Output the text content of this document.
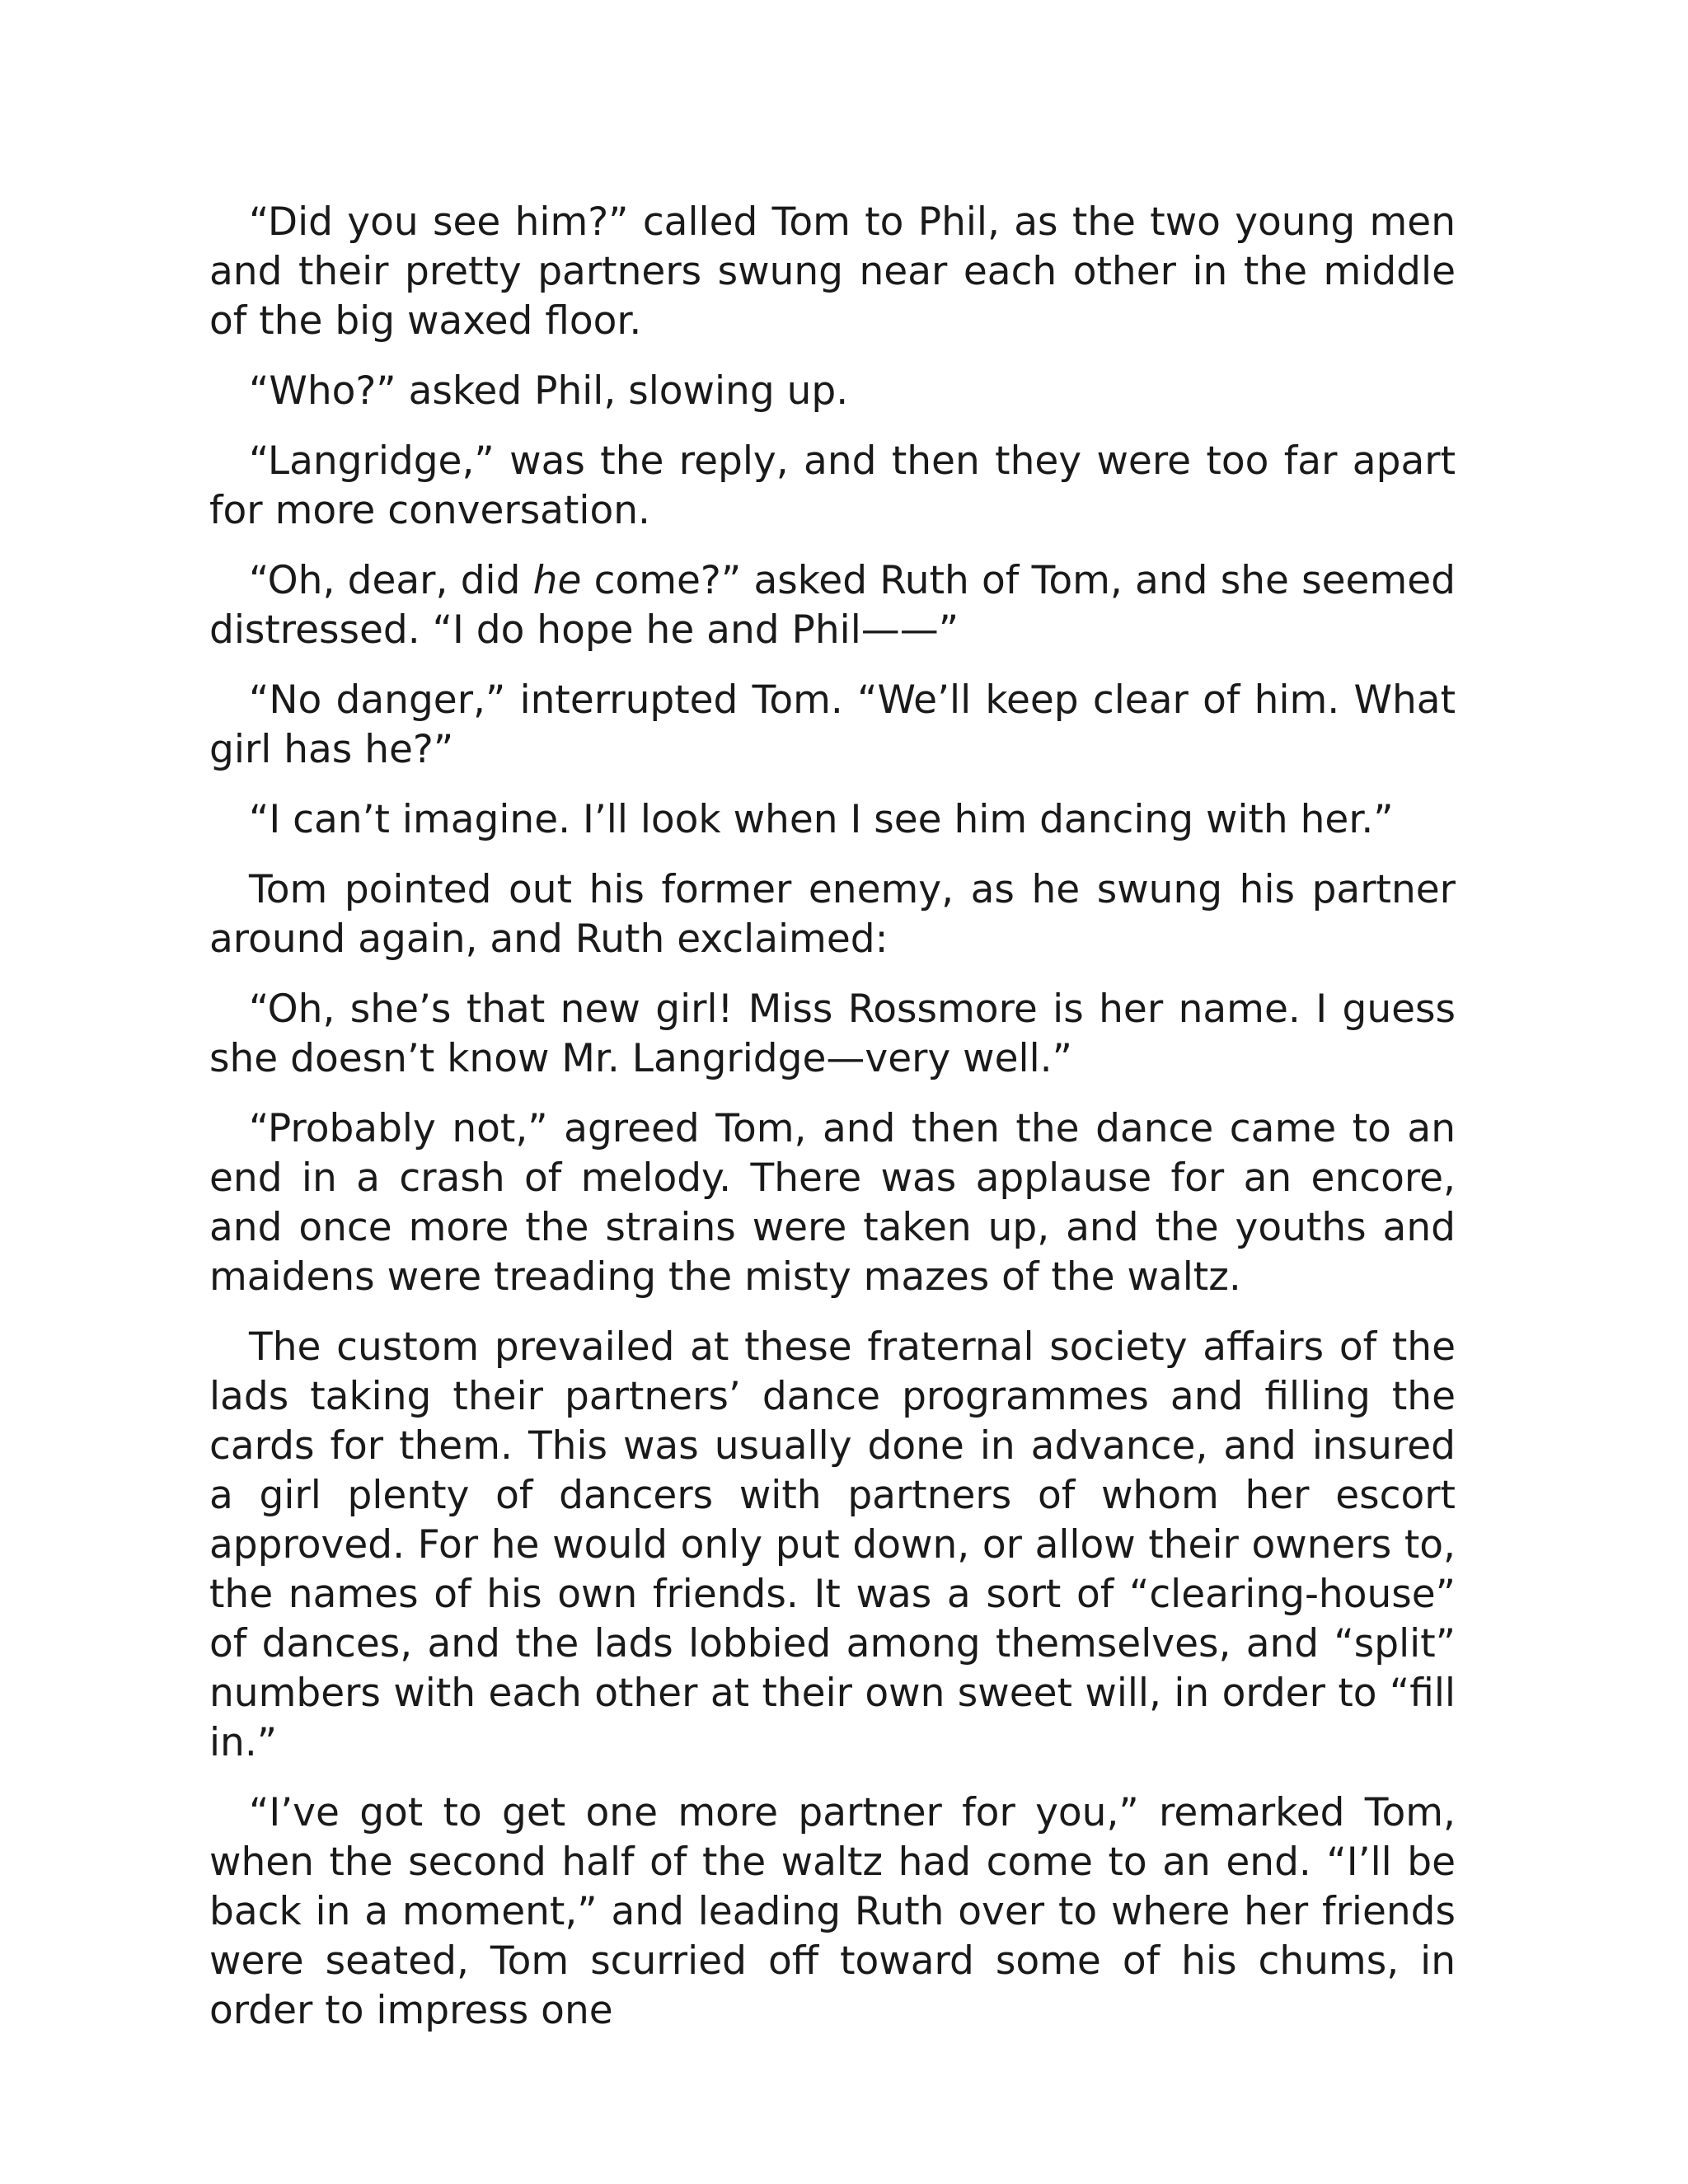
“Did you see him?” called Tom to Phil, as the two young men and their pretty partners swung near each other in the middle of the big waxed floor.

“Who?” asked Phil, slowing up.

“Langridge,” was the reply, and then they were too far apart for more conversation.

“Oh, dear, did he come?” asked Ruth of Tom, and she seemed distressed. “I do hope he and Phil——”

“No danger,” interrupted Tom. “We’ll keep clear of him. What girl has he?”

“I can’t imagine. I’ll look when I see him dancing with her.”

Tom pointed out his former enemy, as he swung his partner around again, and Ruth exclaimed:

“Oh, she’s that new girl! Miss Rossmore is her name. I guess she doesn’t know Mr. Langridge—very well.”

“Probably not,” agreed Tom, and then the dance came to an end in a crash of melody. There was applause for an encore, and once more the strains were taken up, and the youths and maidens were treading the misty mazes of the waltz.

The custom prevailed at these fraternal society affairs of the lads taking their partners’ dance programmes and filling the cards for them. This was usually done in advance, and insured a girl plenty of dancers with partners of whom her escort approved. For he would only put down, or allow their owners to, the names of his own friends. It was a sort of “clearing-house” of dances, and the lads lobbied among themselves, and “split” numbers with each other at their own sweet will, in order to “fill in.”

“I’ve got to get one more partner for you,” remarked Tom, when the second half of the waltz had come to an end. “I’ll be back in a moment,” and leading Ruth over to where her friends were seated, Tom scurried off toward some of his chums, in order to impress one
